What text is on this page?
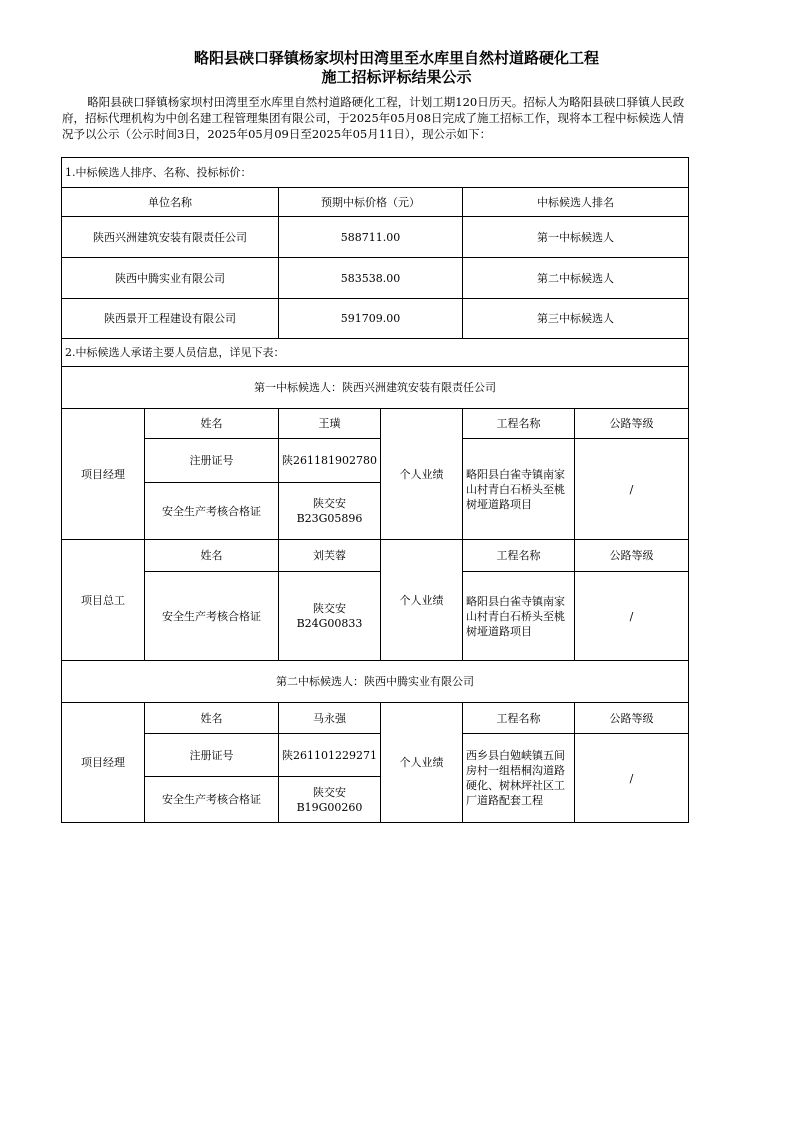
略阳县硖口驿镇杨家坝村田湾里至水库里自然村道路硬化工程
施工招标评标结果公示
略阳县硖口驿镇杨家坝村田湾里至水库里自然村道路硬化工程，计划工期120日历天。招标人为略阳县硖口驿镇人民政府，招标代理机构为中创名建工程管理集团有限公司，于2025年05月08日完成了施工招标工作，现将本工程中标候选人情况予以公示（公示时间3日，2025年05月09日至2025年05月11日），现公示如下：
1.中标候选人排序、名称、投标标价：					
单位名称		预期中标价格（元）		中标候选人排名	
陕西兴洲建筑安装有限责任公司		588711.00		第一中标候选人	
陕西中腾实业有限公司		583538.00		第二中标候选人	
陕西景开工程建设有限公司		591709.00		第三中标候选人	
2.中标候选人承诺主要人员信息，详见下表：					
第一中标候选人：陕西兴洲建筑安装有限责任公司					
项目经理	姓名	王璜	个人业绩	工程名称	公路等级
	注册证号	陕261181902780		略阳县白雀寺镇南家山村青白石桥头至桃树垭道路项目	/
	安全生产考核合格证	陕交安B23G05896			
项目总工	姓名	刘芙蓉	个人业绩	工程名称	公路等级
	安全生产考核合格证	陕交安B24G00833		略阳县白雀寺镇南家山村青白石桥头至桃树垭道路项目	/
第二中标候选人：陕西中腾实业有限公司					
项目经理	姓名	马永强	个人业绩	工程名称	公路等级
	注册证号	陕261101229271		西乡县白勉峡镇五间房村一组梧桐沟道路硬化、树林坪社区工厂道路配套工程	/
	安全生产考核合格证	陕交安B19G00260			
